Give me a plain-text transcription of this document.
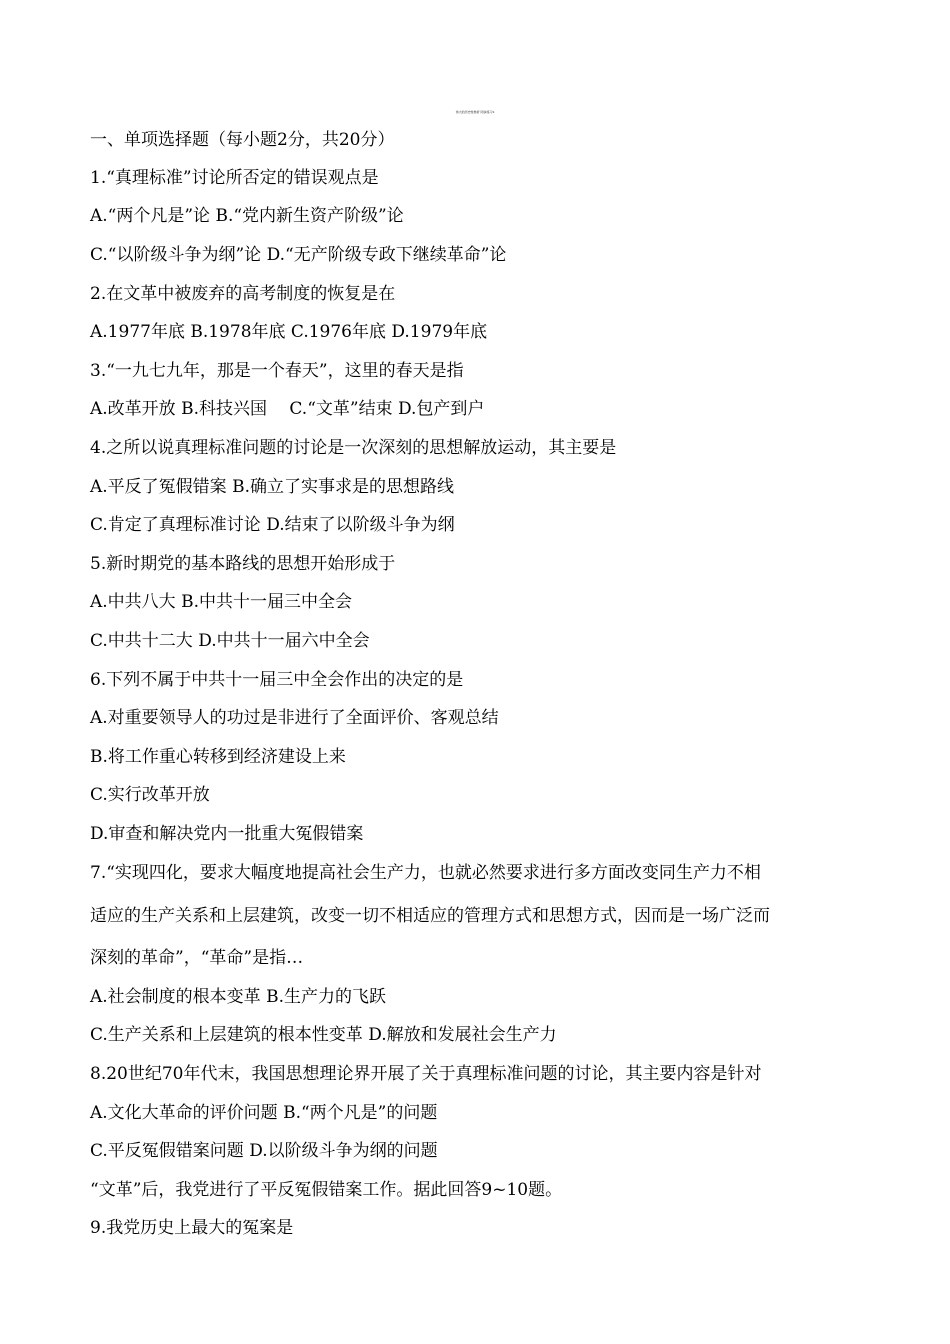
伟大的历史性转折 同步练习2
一、单项选择题（每小题2分，共20分）
1.“真理标准”讨论所否定的错误观点是
A.“两个凡是”论 B.“党内新生资产阶级”论
C.“以阶级斗争为纲”论 D.“无产阶级专政下继续革命”论
2.在文革中被废弃的高考制度的恢复是在
A.1977年底 B.1978年底 C.1976年底 D.1979年底
3.“一九七九年，那是一个春天”，这里的春天是指
A.改革开放 B.科技兴国　 C.“文革”结束 D.包产到户
4.之所以说真理标准问题的讨论是一次深刻的思想解放运动，其主要是
A.平反了冤假错案 B.确立了实事求是的思想路线
C.肯定了真理标准讨论 D.结束了以阶级斗争为纲
5.新时期党的基本路线的思想开始形成于
A.中共八大 B.中共十一届三中全会
C.中共十二大 D.中共十一届六中全会
6.下列不属于中共十一届三中全会作出的决定的是
A.对重要领导人的功过是非进行了全面评价、客观总结
B.将工作重心转移到经济建设上来
C.实行改革开放
D.审查和解决党内一批重大冤假错案
7.“实现四化，要求大幅度地提高社会生产力，也就必然要求进行多方面改变同生产力不相
适应的生产关系和上层建筑，改变一切不相适应的管理方式和思想方式，因而是一场广泛而
深刻的革命”，“革命”是指…
A.社会制度的根本变革 B.生产力的飞跃
C.生产关系和上层建筑的根本性变革 D.解放和发展社会生产力
8.20世纪70年代末，我国思想理论界开展了关于真理标准问题的讨论，其主要内容是针对
A.文化大革命的评价问题 B.“两个凡是”的问题
C.平反冤假错案问题 D.以阶级斗争为纲的问题
“文革”后，我党进行了平反冤假错案工作。据此回答9~10题。
9.我党历史上最大的冤案是
